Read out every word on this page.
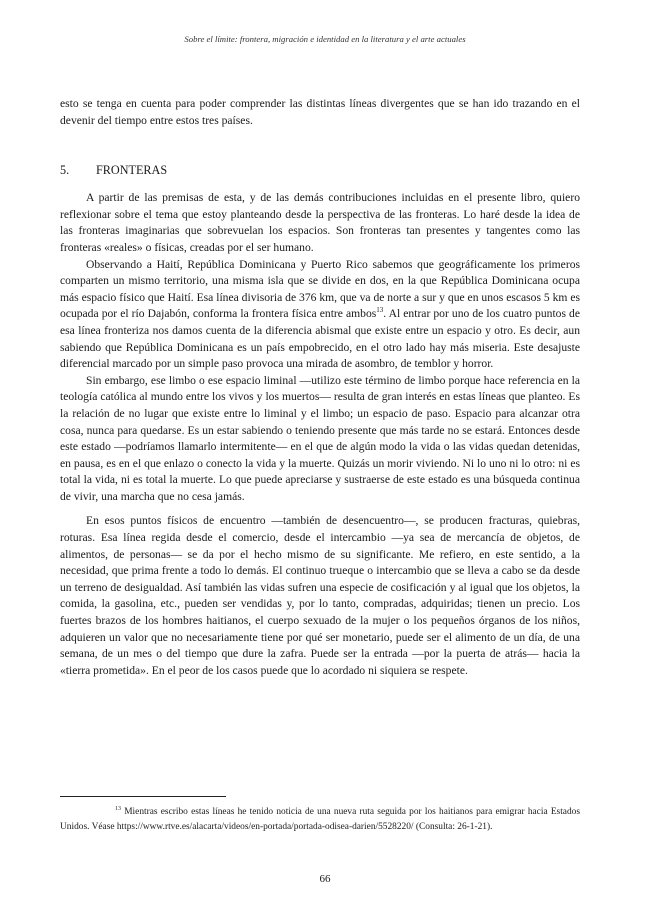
Sobre el límite: frontera, migración e identidad en la literatura y el arte actuales

esto se tenga en cuenta para poder comprender las distintas líneas divergentes que se han ido trazando en el devenir del tiempo entre estos tres países.

5. FRONTERAS

A partir de las premisas de esta, y de las demás contribuciones incluidas en el presente libro, quiero reflexionar sobre el tema que estoy planteando desde la perspectiva de las fronteras. Lo haré desde la idea de las fronteras imaginarias que sobrevuelan los espacios. Son fronteras tan presentes y tangentes como las fronteras «reales» o físicas, creadas por el ser humano.

Observando a Haití, República Dominicana y Puerto Rico sabemos que geográficamente los primeros comparten un mismo territorio, una misma isla que se divide en dos, en la que República Dominicana ocupa más espacio físico que Haití. Esa línea divisoria de 376 km, que va de norte a sur y que en unos escasos 5 km es ocupada por el río Dajabón, conforma la frontera física entre ambos$^{13}$. Al entrar por uno de los cuatro puntos de esa línea fronteriza nos damos cuenta de la diferencia abismal que existe entre un espacio y otro. Es decir, aun sabiendo que República Dominicana es un país empobrecido, en el otro lado hay más miseria. Este desajuste diferencial marcado por un simple paso provoca una mirada de asombro, de temblor y horror.

Sin embargo, ese limbo o ese espacio liminal —utilizo este término de limbo porque hace referencia en la teología católica al mundo entre los vivos y los muertos— resulta de gran interés en estas líneas que planteo. Es la relación de no lugar que existe entre lo liminal y el limbo; un espacio de paso. Espacio para alcanzar otra cosa, nunca para quedarse. Es un estar sabiendo o teniendo presente que más tarde no se estará. Entonces desde este estado —podríamos llamarlo intermitente— en el que de algún modo la vida o las vidas quedan detenidas, en pausa, es en el que enlazo o conecto la vida y la muerte. Quizás un morir viviendo. Ni lo uno ni lo otro: ni es total la vida, ni es total la muerte. Lo que puede apreciarse y sustraerse de este estado es una búsqueda continua de vivir, una marcha que no cesa jamás.

En esos puntos físicos de encuentro —también de desencuentro—, se producen fracturas, quiebras, roturas. Esa línea regida desde el comercio, desde el intercambio —ya sea de mercancía de objetos, de alimentos, de personas— se da por el hecho mismo de su significante. Me refiero, en este sentido, a la necesidad, que prima frente a todo lo demás. El continuo trueque o intercambio que se lleva a cabo se da desde un terreno de desigualdad. Así también las vidas sufren una especie de cosificación y al igual que los objetos, la comida, la gasolina, etc., pueden ser vendidas y, por lo tanto, compradas, adquiridas; tienen un precio. Los fuertes brazos de los hombres haitianos, el cuerpo sexuado de la mujer o los pequeños órganos de los niños, adquieren un valor que no necesariamente tiene por qué ser monetario, puede ser el alimento de un día, de una semana, de un mes o del tiempo que dure la zafra. Puede ser la entrada —por la puerta de atrás— hacia la «tierra prometida». En el peor de los casos puede que lo acordado ni siquiera se respete.

$^{13}$ Mientras escribo estas líneas he tenido noticia de una nueva ruta seguida por los haitianos para emigrar hacia Estados Unidos. Véase https://www.rtve.es/alacarta/videos/en-portada/portada-odisea-darien/5528220/ (Consulta: 26-1-21).
66
